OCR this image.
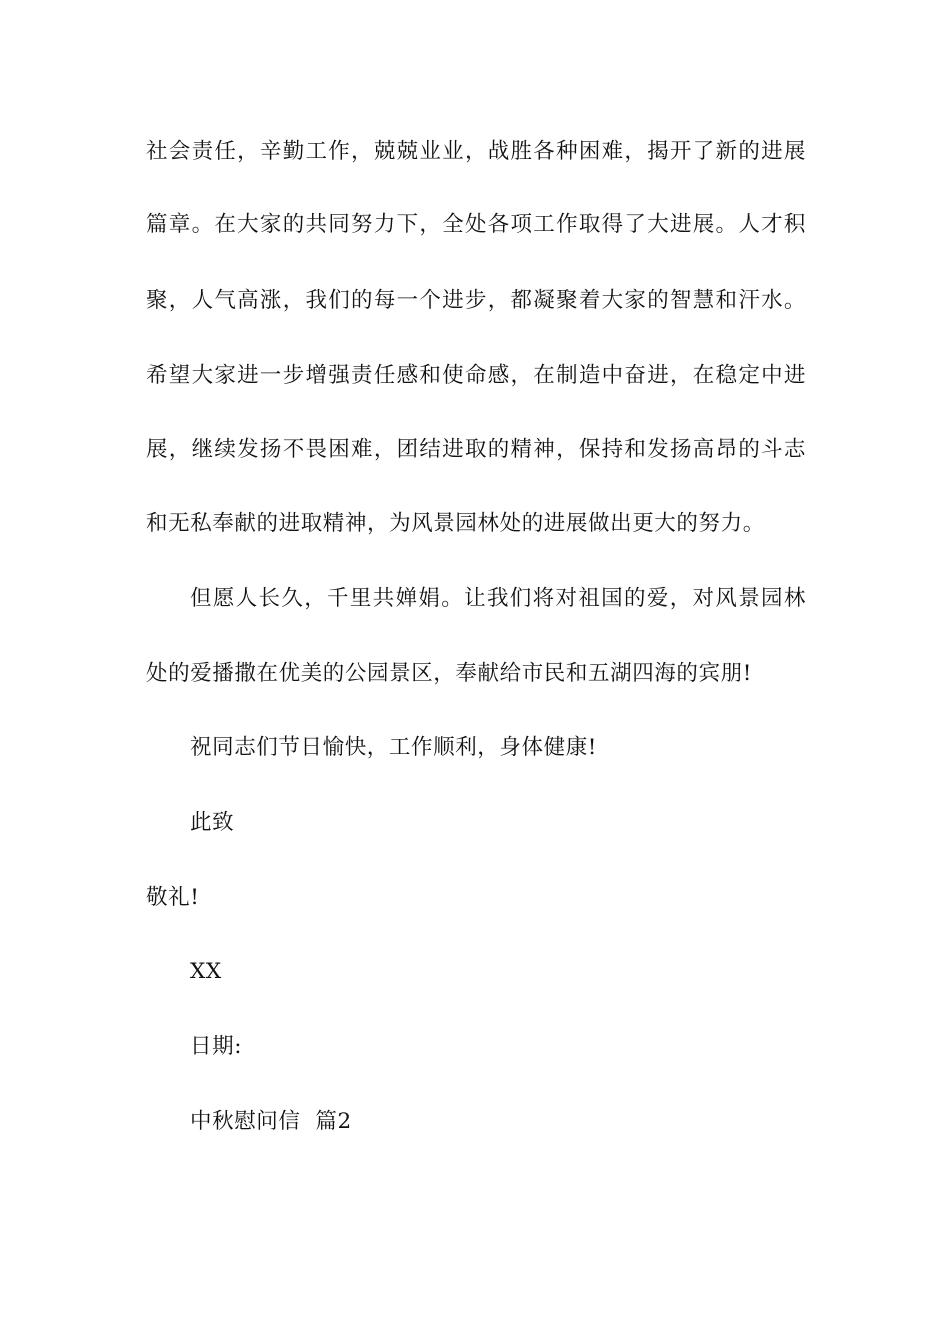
社会责任，辛勤工作，兢兢业业，战胜各种困难，揭开了新的进展
篇章。在大家的共同努力下，全处各项工作取得了大进展。人才积
聚，人气高涨，我们的每一个进步，都凝聚着大家的智慧和汗水。
希望大家进一步增强责任感和使命感，在制造中奋进，在稳定中进
展，继续发扬不畏困难，团结进取的精神，保持和发扬高昂的斗志
和无私奉献的进取精神，为风景园林处的进展做出更大的努力。
但愿人长久，千里共婵娟。让我们将对祖国的爱，对风景园林
处的爱播撒在优美的公园景区，奉献给市民和五湖四海的宾朋!
祝同志们节日愉快，工作顺利，身体健康!
此致
敬礼!
XX
日期:
中秋慰问信  篇2
